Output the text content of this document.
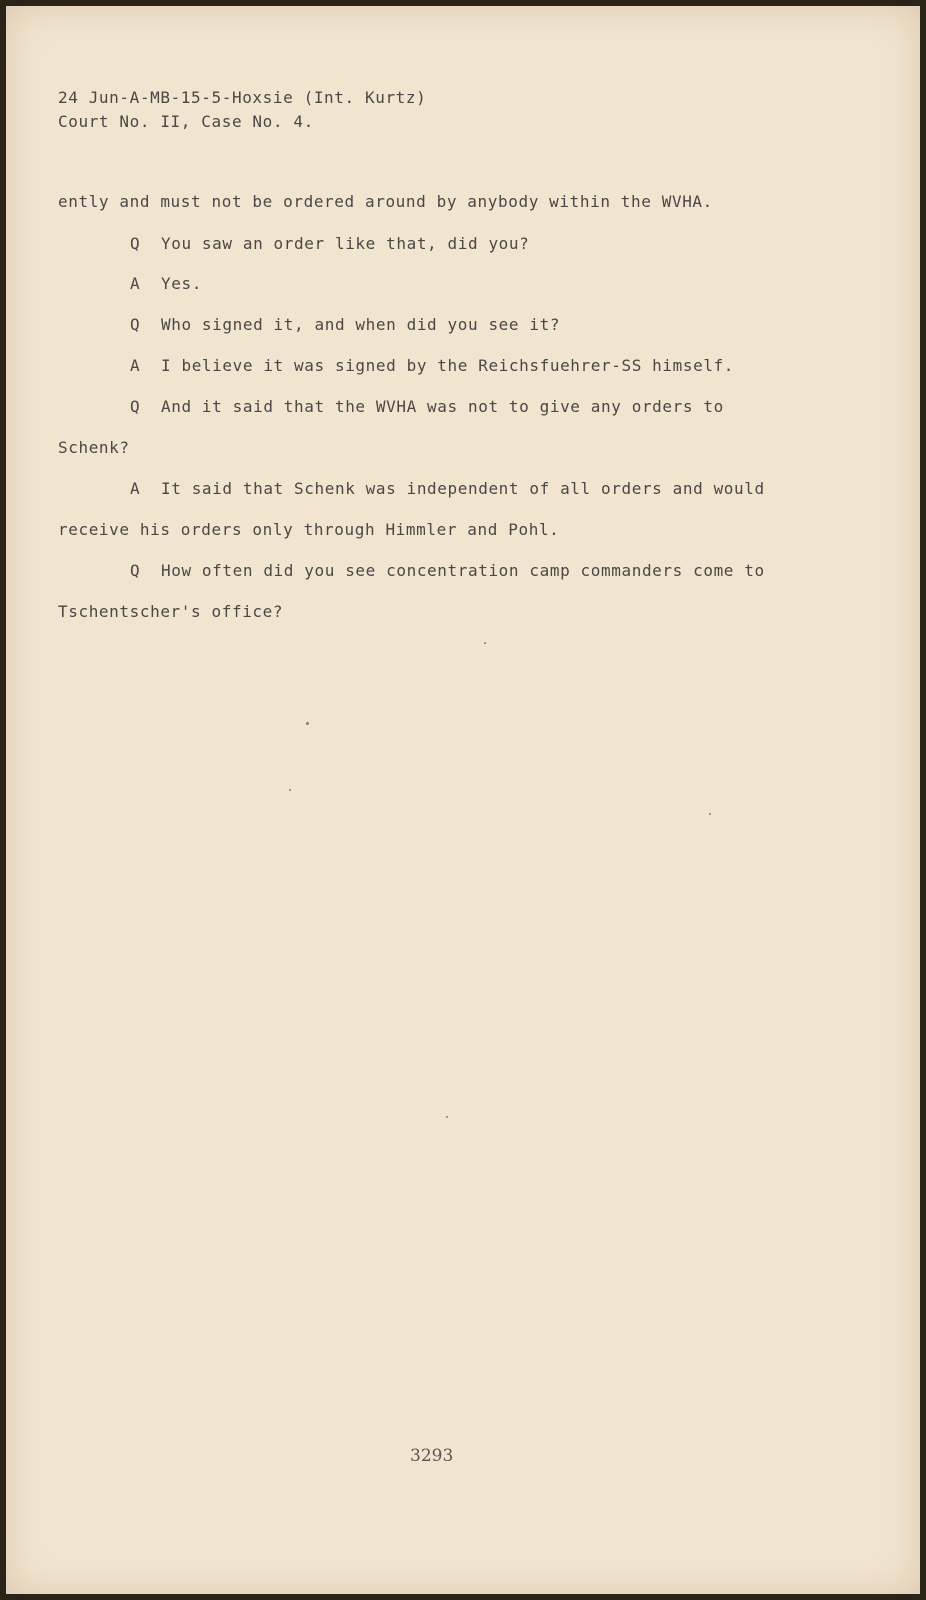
24 Jun-A-MB-15-5-Hoxsie (Int. Kurtz)
Court No. II, Case No. 4.
ently and must not be ordered around by anybody within the WVHA.
Q You saw an order like that, did you?
A Yes.
Q Who signed it, and when did you see it?
A I believe it was signed by the Reichsfuehrer-SS himself.
Q And it said that the WVHA was not to give any orders to
Schenk?
A It said that Schenk was independent of all orders and would
receive his orders only through Himmler and Pohl.
Q How often did you see concentration camp commanders come to
Tschentscher's office?
3293
